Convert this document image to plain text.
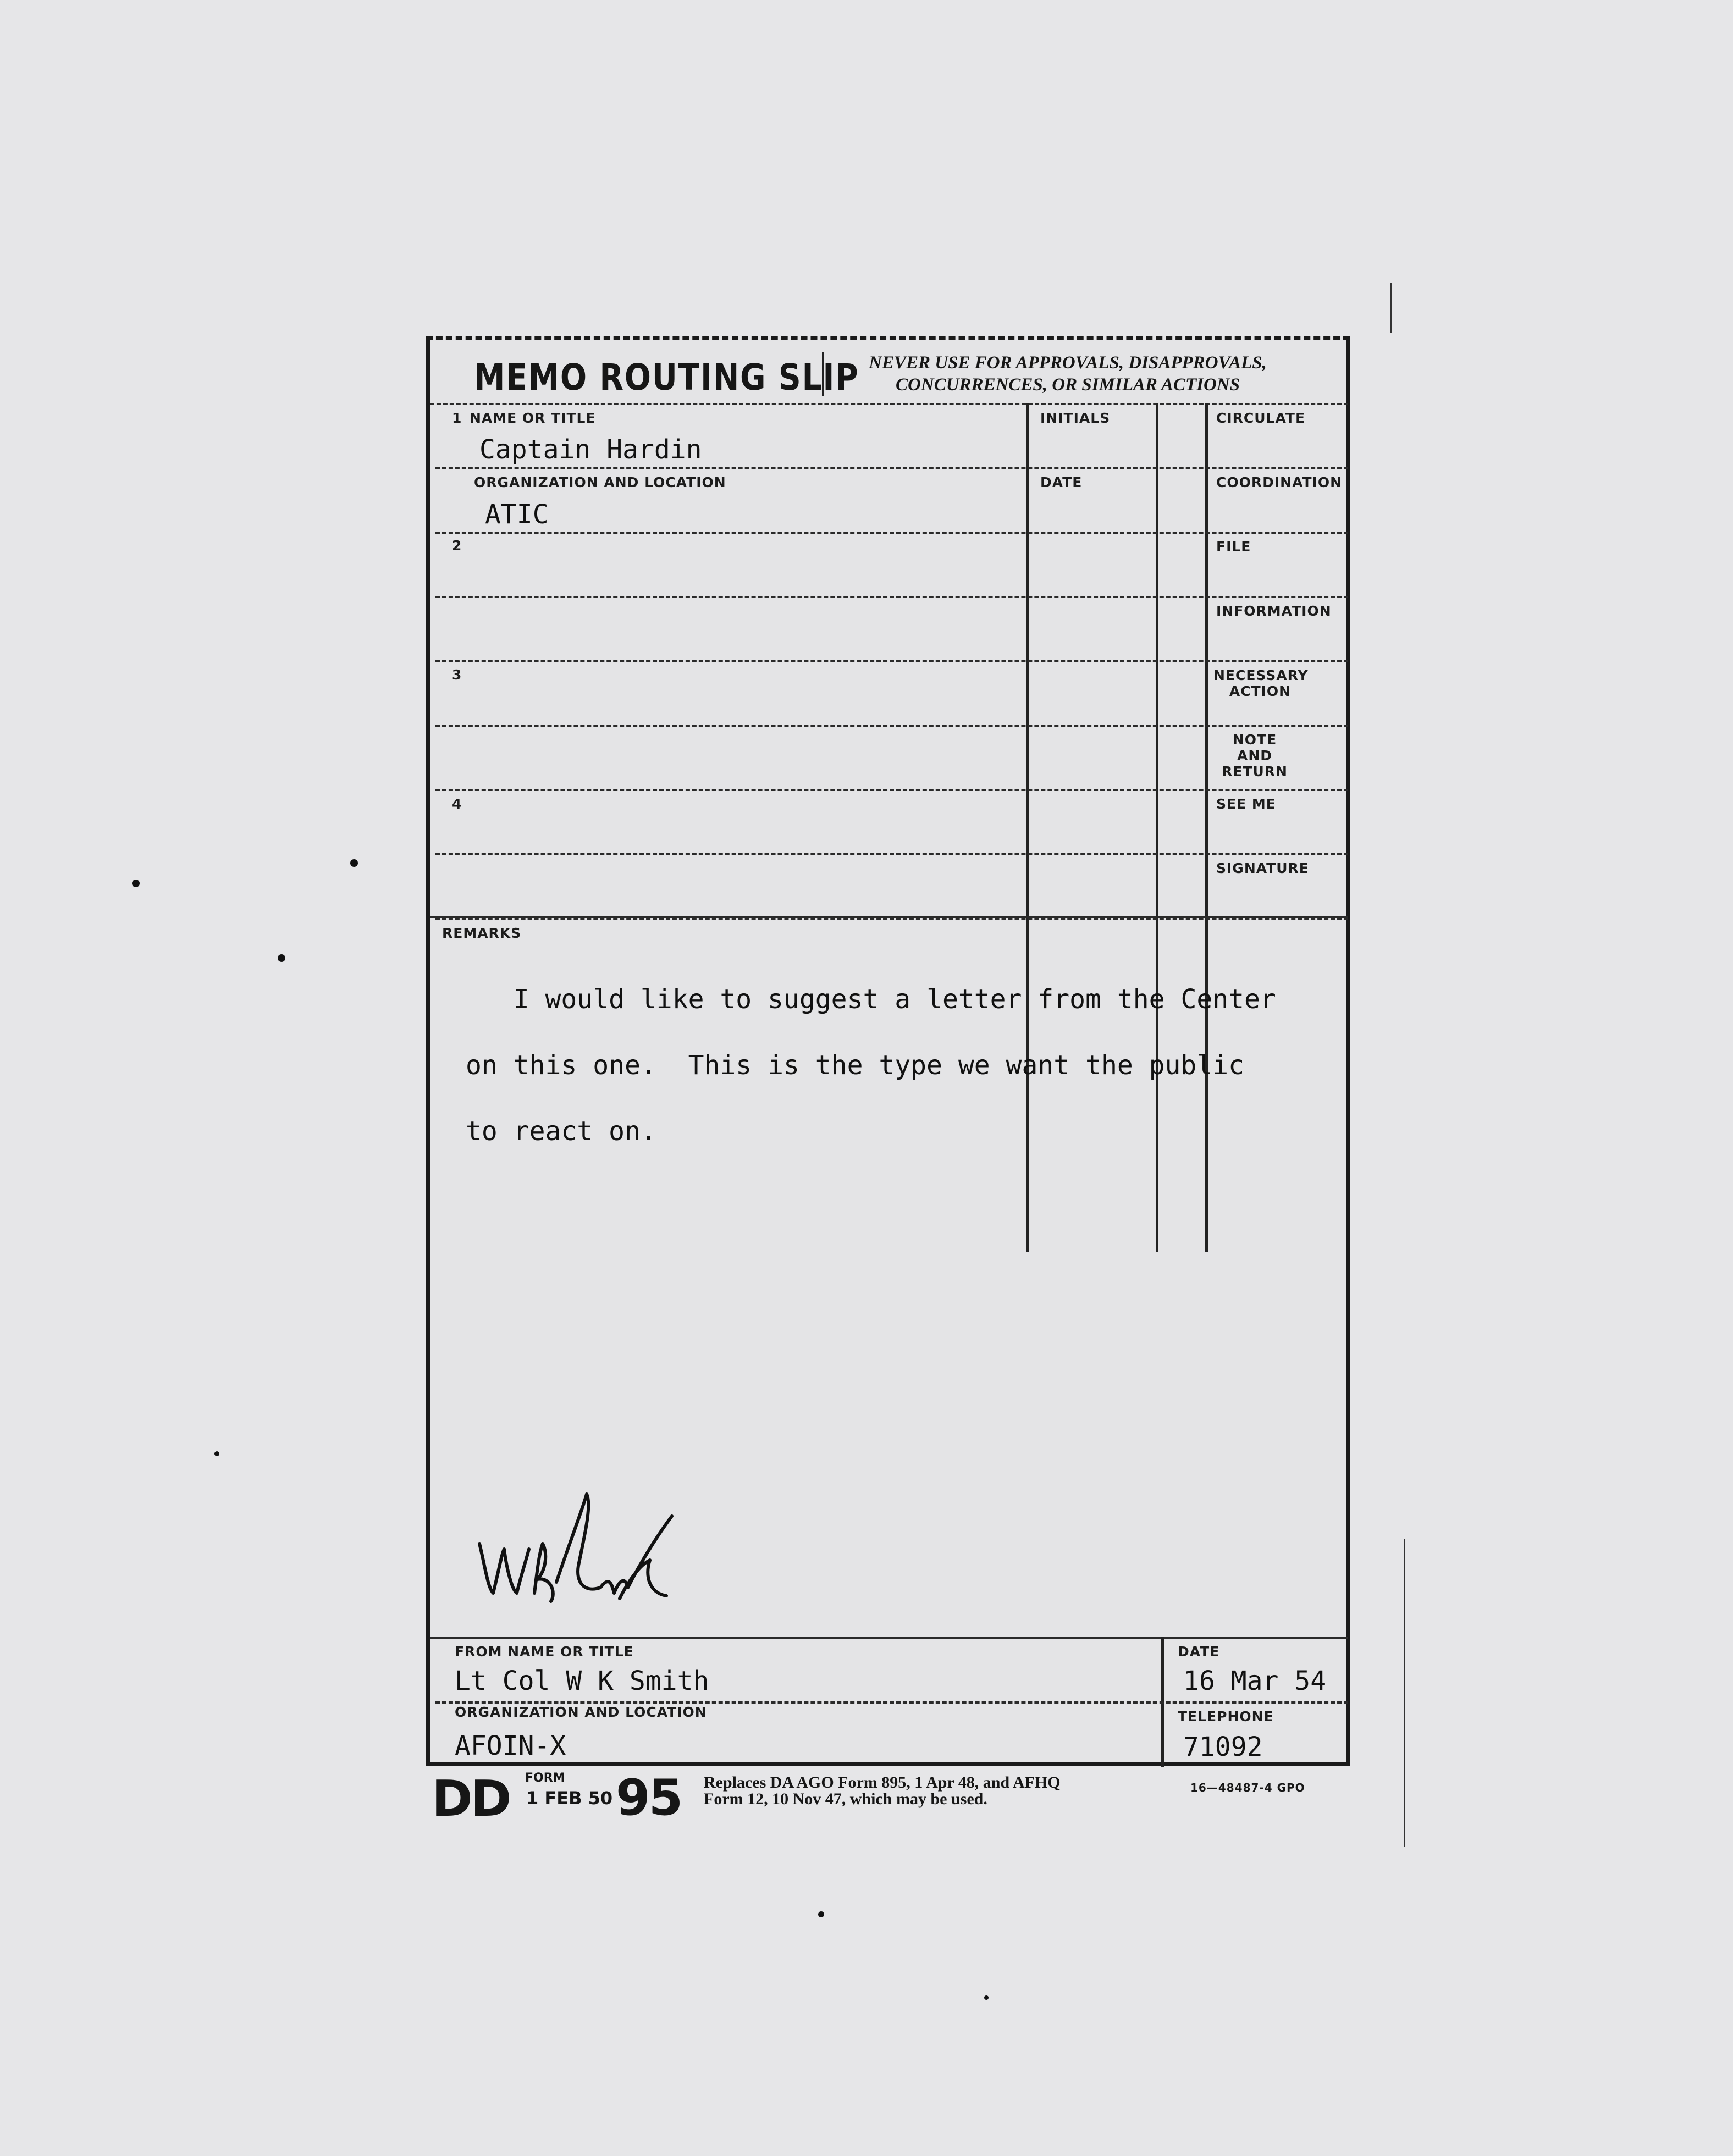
MEMO ROUTING SLIP NEVER USE FOR APPROVALS, DISAPPROVALS,
CONCURRENCES, OR SIMILAR ACTIONS
1 NAME OR TITLE
Captain Hardin
ORGANIZATION AND LOCATION
ATIC
INITIALS
DATE
2
3
4
CIRCULATE
COORDINATION
FILE
INFORMATION
NECESSARY
ACTION
NOTE AND
RETURN
SEE ME
SIGNATURE
REMARKS
I would like to suggest a letter from the Center
on this one.  This is the type we want the public
to react on.
FROM NAME OR TITLE
Lt Col W K Smith
ORGANIZATION AND LOCATION
AFOIN-X
DATE
16 Mar 54
TELEPHONE
71092
DD FORM
1 FEB 50 95 Replaces DA AGO Form 895, 1 Apr 48, and AFHQ
Form 12, 10 Nov 47, which may be used.
16—48487-4 GPO
